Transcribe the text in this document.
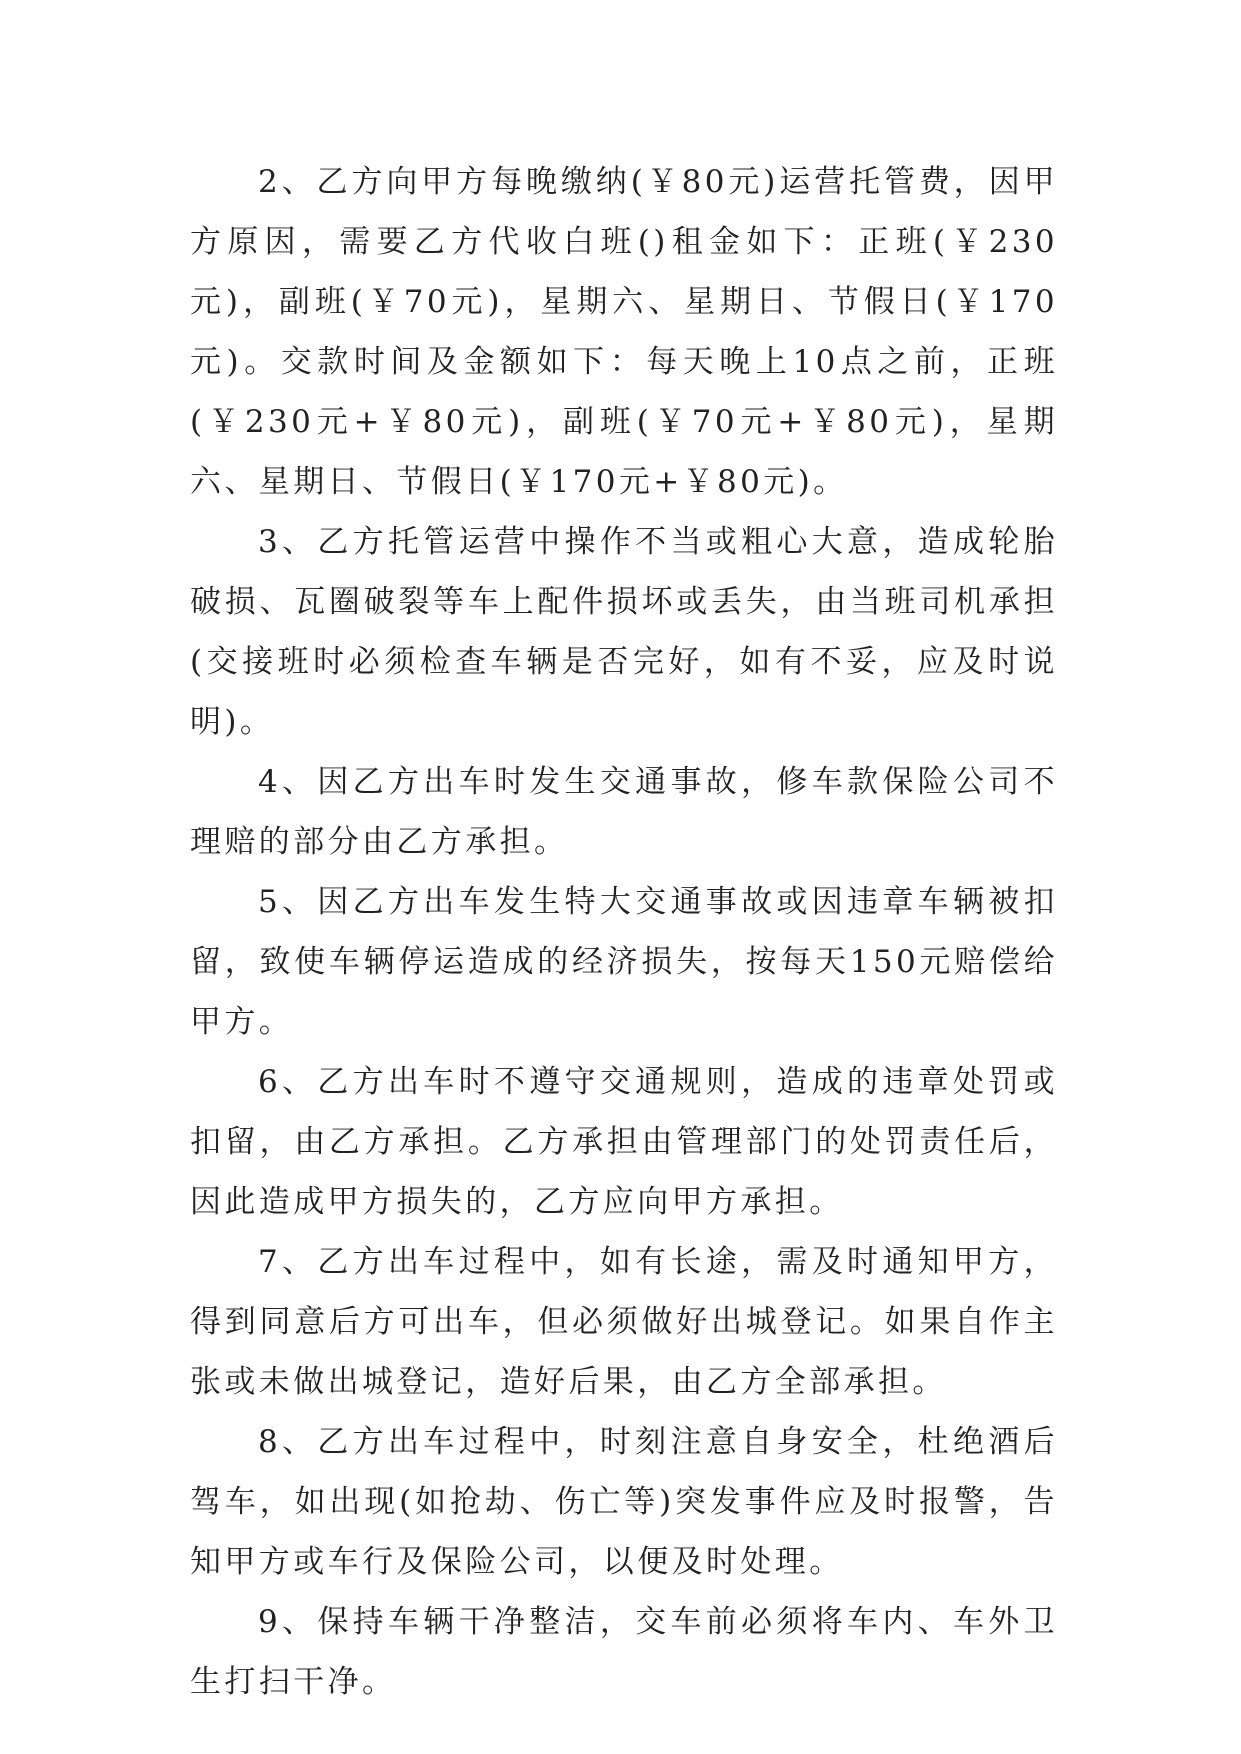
2、乙方向甲方每晚缴纳(￥80元)运营托管费，因甲方原因，需要乙方代收白班()租金如下：正班(￥230元)，副班(￥70元)，星期六、星期日、节假日(￥170元)。交款时间及金额如下：每天晚上10点之前，正班(￥230元+￥80元)，副班(￥70元+￥80元)，星期六、星期日、节假日(￥170元+￥80元)。

3、乙方托管运营中操作不当或粗心大意，造成轮胎破损、瓦圈破裂等车上配件损坏或丢失，由当班司机承担(交接班时必须检查车辆是否完好，如有不妥，应及时说明)。

4、因乙方出车时发生交通事故，修车款保险公司不理赔的部分由乙方承担。

5、因乙方出车发生特大交通事故或因违章车辆被扣留，致使车辆停运造成的经济损失，按每天150元赔偿给甲方。

6、乙方出车时不遵守交通规则，造成的违章处罚或扣留，由乙方承担。乙方承担由管理部门的处罚责任后，因此造成甲方损失的，乙方应向甲方承担。

7、乙方出车过程中，如有长途，需及时通知甲方，得到同意后方可出车，但必须做好出城登记。如果自作主张或未做出城登记，造好后果，由乙方全部承担。

8、乙方出车过程中，时刻注意自身安全，杜绝酒后驾车，如出现(如抢劫、伤亡等)突发事件应及时报警，告知甲方或车行及保险公司，以便及时处理。

9、保持车辆干净整洁，交车前必须将车内、车外卫生打扫干净。
